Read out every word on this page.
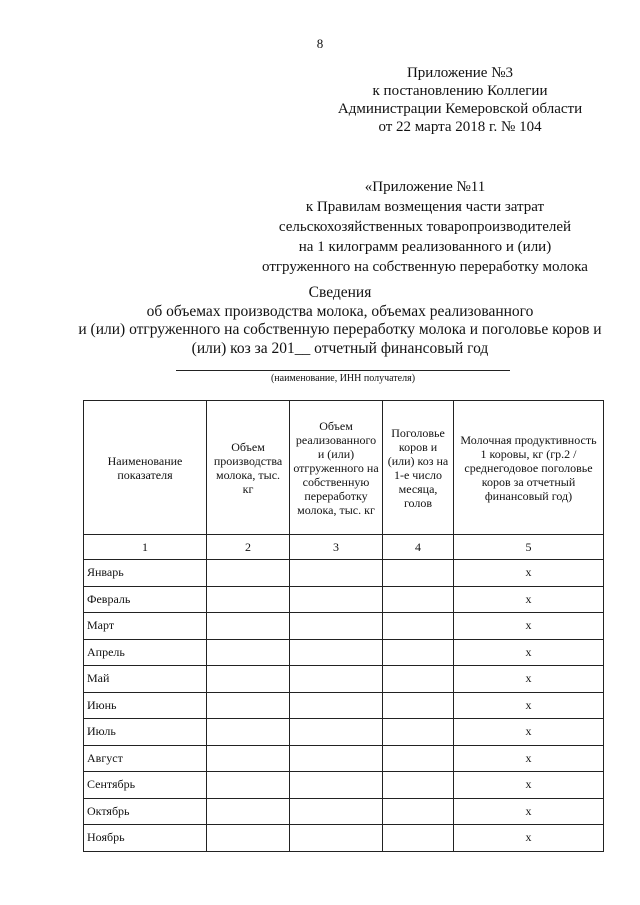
8
Приложение №3
к постановлению Коллегии
Администрации Кемеровской области
от 22 марта 2018 г. № 104
«Приложение №11
к Правилам возмещения части затрат
сельскохозяйственных товаропроизводителей
на 1 килограмм реализованного и (или)
отгруженного на собственную переработку молока
Сведения
об объемах производства молока, объемах реализованного
и (или) отгруженного на собственную переработку молока и поголовье коров и
(или) коз за 201__ отчетный финансовый год
(наименование, ИНН получателя)
Наименование показателя	Объем производства молока, тыс. кг	Объем реализованного и (или) отгруженного на собственную переработку молока, тыс. кг	Поголовье коров и (или) коз на 1-е число месяца, голов	Молочная продуктивность 1 коровы, кг (гр.2 / среднегодовое поголовье коров за отчетный финансовый год)
1	2	3	4	5
Январь				x
Февраль				x
Март				x
Апрель				x
Май				x
Июнь				x
Июль				x
Август				x
Сентябрь				x
Октябрь				x
Ноябрь				x
